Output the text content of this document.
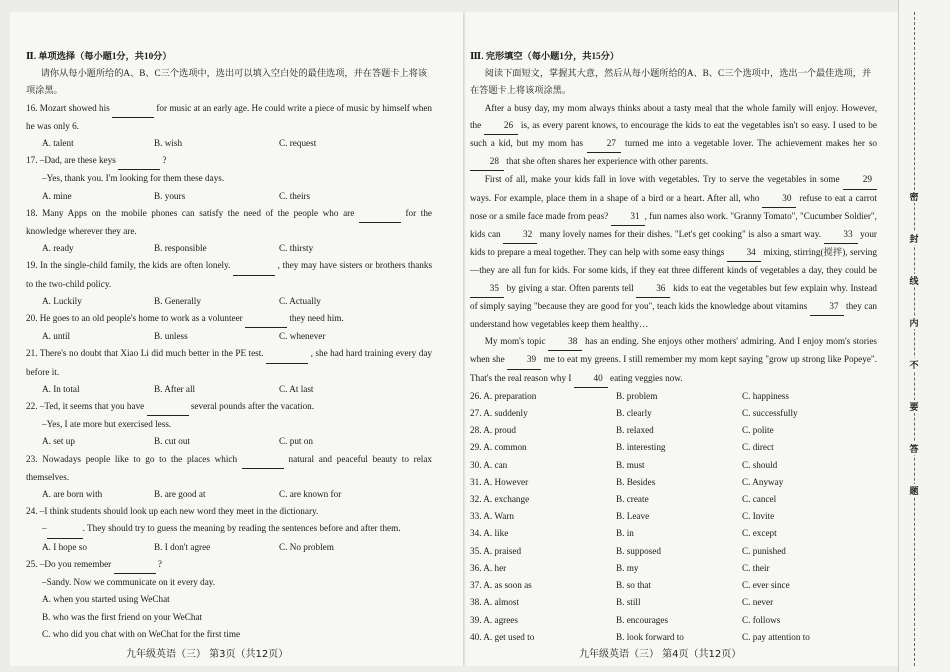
Ⅱ. 单项选择（每小题1分，共10分）
请你从每小题所给的A、B、C三个选项中，选出可以填入空白处的最佳选项，并在答题卡上将该项涂黑。
16. Mozart showed his	for music at an early age. He could write a piece of music by himself when he was only 6.
A. talent	B. wish	C. request
17. –Dad, are these keys	?
–Yes, thank you. I'm looking for them these days.
A. mine	B. yours	C. theirs
18. Many Apps on the mobile phones can satisfy the need of the people who are	for the knowledge wherever they are.
A. ready	B. responsible	C. thirsty
19. In the single-child family, the kids are often lonely.	, they may have sisters or brothers thanks to the two-child policy.
A. Luckily	B. Generally	C. Actually
20. He goes to an old people's home to work as a volunteer	they need him.
A. until	B. unless	C. whenever
21. There's no doubt that Xiao Li did much better in the PE test.	, she had hard training every day before it.
A. In total	B. After all	C. At last
22. –Ted, it seems that you have	several pounds after the vacation.
–Yes, I ate more but exercised less.
A. set up	B. cut out	C. put on
23. Nowadays people like to go to the places which	natural and peaceful beauty to relax themselves.
A. are born with	B. are good at	C. are known for
24. –I think students should look up each new word they meet in the dictionary.
–	. They should try to guess the meaning by reading the sentences before and after them.
A. I hope so	B. I don't agree	C. No problem
25. –Do you remember	?
–Sandy. Now we communicate on it every day.
A. when you started using WeChat
B. who was the first friend on your WeChat
C. who did you chat with on WeChat for the first time
Ⅲ. 完形填空（每小题1分，共15分）
阅读下面短文，掌握其大意，然后从每小题所给的A、B、C三个选项中，选出一个最佳选项，并在答题卡上将该项涂黑。
After a busy day, my mom always thinks about a tasty meal that the whole family will enjoy. However, the 26 is, as every parent knows, to encourage the kids to eat the vegetables isn't so easy. I used to be such a kid, but my mom has 27 turned me into a vegetable lover. The achievement makes her so 28 that she often shares her experience with other parents.
First of all, make your kids fall in love with vegetables. Try to serve the vegetables in some 29 ways. For example, place them in a shape of a bird or a heart. After all, who 30 refuse to eat a carrot nose or a smile face made from peas? 31 , fun names also work. "Granny Tomato", "Cucumber Soldier", kids can 32 many lovely names for their dishes. "Let's get cooking" is also a smart way. 33 your kids to prepare a meal together. They can help with some easy things 34 mixing, stirring(搅拌), serving—they are all fun for kids. For some kids, if they eat three different kinds of vegetables a day, they could be 35 by giving a star. Often parents tell 36 kids to eat the vegetables but few explain why. Instead of simply saying "because they are good for you", teach kids the knowledge about vitamins 37 they can understand how vegetables keep them healthy…
My mom's topic 38 has an ending. She enjoys other mothers' admiring. And I enjoy mom's stories when she 39 me to eat my greens. I still remember my mom kept saying "grow up strong like Popeye". That's the real reason why I 40 eating veggies now.
26. A. preparation	B. problem	C. happiness
27. A. suddenly	B. clearly	C. successfully
28. A. proud	B. relaxed	C. polite
29. A. common	B. interesting	C. direct
30. A. can	B. must	C. should
31. A. However	B. Besides	C. Anyway
32. A. exchange	B. create	C. cancel
33. A. Warn	B. Leave	C. Invite
34. A. like	B. in	C. except
35. A. praised	B. supposed	C. punished
36. A. her	B. my	C. their
37. A. as soon as	B. so that	C. ever since
38. A. almost	B. still	C. never
39. A. agrees	B. encourages	C. follows
40. A. get used to	B. look forward to	C. pay attention to
九年级英语（三） 第3页（共12页）	九年级英语（三） 第4页（共12页）
密
封
线
内
不
要
答
题
